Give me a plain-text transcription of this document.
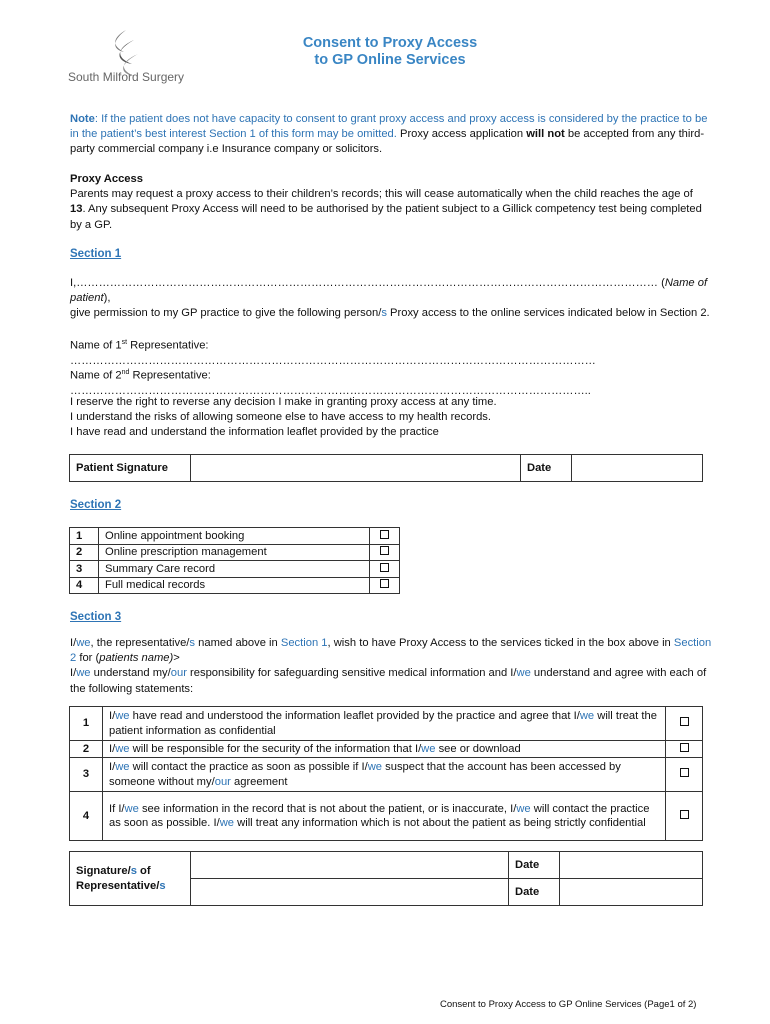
South Milford Surgery
Consent to Proxy Access
to GP Online Services

Note: If the patient does not have capacity to consent to grant proxy access and proxy access is considered by the practice to be in the patient’s best interest Section 1 of this form may be omitted. Proxy access application will not be accepted from any third-party commercial company i.e Insurance company or solicitors.

Proxy Access

Parents may request a proxy access to their children’s records; this will cease automatically when the child reaches the age of 13. Any subsequent Proxy Access will need to be authorised by the patient subject to a Gillick competency test being completed by a GP.

Section 1

I,………………………………………………………………………………………………………………………………………… (Name of patient),

give permission to my GP practice to give the following person/s Proxy access to the online services indicated below in Section 2.

Name of 1st Representative: ……………………………………………………………………………………………………………………………
Name of 2nd Representative: …………………………………………………………………………………………………………………………..

I reserve the right to reverse any decision I make in granting proxy access at any time.

I understand the risks of allowing someone else to have access to my health records.

I have read and understand the information leaflet provided by the practice

Patient Signature		Date	
Section 2
1	Online appointment booking	
2	Online prescription management	
3	Summary Care record	
4	Full medical records	
Section 3

I/we, the representative/s named above in Section 1, wish to have Proxy Access to the services ticked in the box above in Section 2 for (patients name)>

I/we understand my/our responsibility for safeguarding sensitive medical information and I/we understand and agree with each of the following statements:

1	I/we have read and understood the information leaflet provided by the practice and agree that I/we will treat the patient information as confidential	
2	I/we will be responsible for the security of the information that I/we see or download	
3	I/we will contact the practice as soon as possible if I/we suspect that the account has been accessed by someone without my/our agreement	
4	If I/we see information in the record that is not about the patient, or is inaccurate, I/we will contact the practice as soon as possible. I/we will treat any information which is not about the patient as being strictly confidential	
Signature/s of
Representative/s		Date	
		Date	
Consent to Proxy Access to GP Online Services (Page1 of 2)
